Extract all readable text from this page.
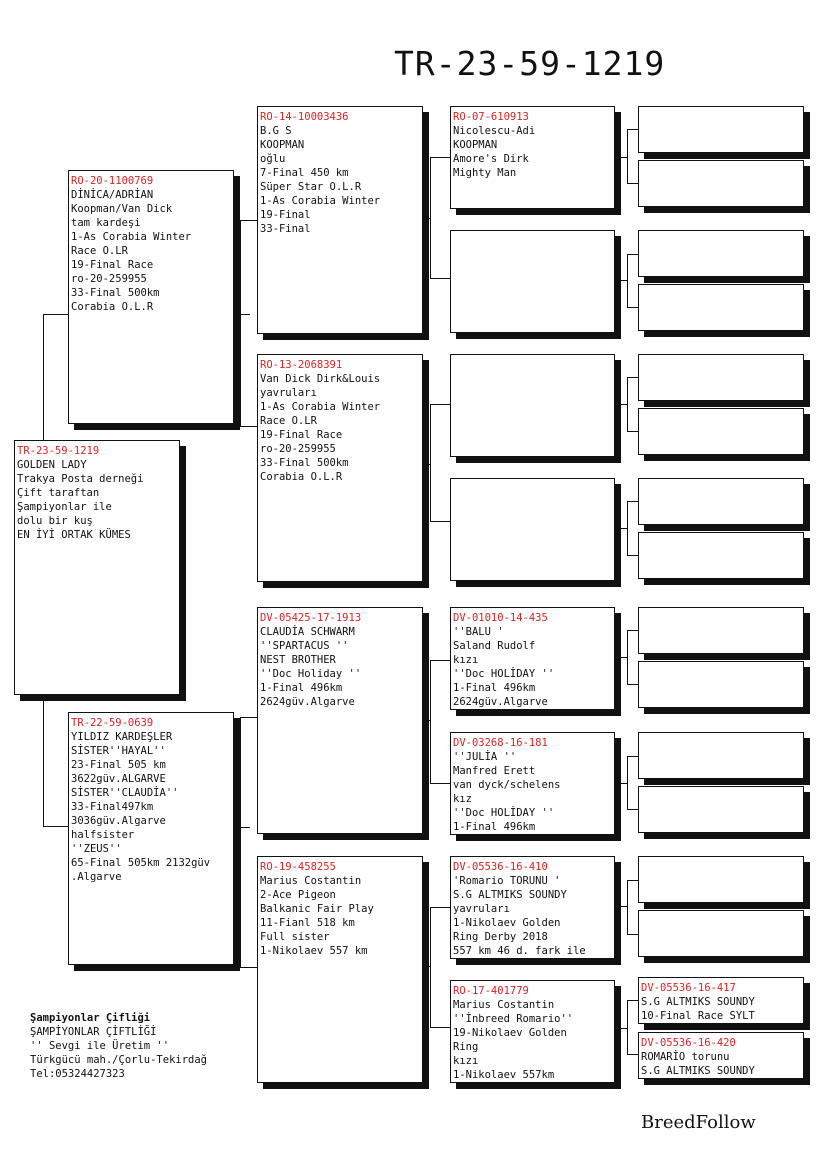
TR-23-59-1219
TR-23-59-1219
GOLDEN LADY
Trakya Posta derneği
Çift taraftan
Şampiyonlar ile
dolu bir kuş
EN İYİ ORTAK KÜMES
RO-20-1100769
DİNİCA/ADRİAN
Koopman/Van Dick
tam kardeşi
1-As Corabia Winter
Race O.LR
19-Final Race
ro-20-259955
33-Final 500km
Corabia O.L.R
TR-22-59-0639
YILDIZ KARDEŞLER
SİSTER''HAYAL''
23-Final 505 km
3622güv.ALGARVE
SİSTER''CLAUDİA''
33-Final497km
3036güv.Algarve
halfsister
''ZEUS''
65-Final 505km 2132güv
.Algarve
RO-14-10003436
B.G S
KOOPMAN
oğlu
7-Final 450 km
Süper Star O.L.R
1-As Corabia Winter
19-Final
33-Final
RO-13-2068391
Van Dick Dirk&Louis
yavruları
1-As Corabia Winter
Race O.LR
19-Final Race
ro-20-259955
33-Final 500km
Corabia O.L.R
DV-05425-17-1913
CLAUDİA SCHWARM
''SPARTACUS ''
NEST BROTHER
''Doc Holiday ''
1-Final 496km
2624güv.Algarve
RO-19-458255
Marius Costantin
2-Ace Pigeon
Balkanic Fair Play
11-Fianl 518 km
Full sister
1-Nikolaev 557 km
RO-07-610913
Nicolescu-Adi
KOOPMAN
Amore's Dirk
Mighty Man
DV-01010-14-435
''BALU '
Saland Rudolf
kızı
''Doc HOLİDAY ''
1-Final 496km
2624güv.Algarve
DV-03268-16-181
''JULİA ''
Manfred Erett
van dyck/schelens
kız
''Doc HOLİDAY ''
1-Final 496km
DV-05536-16-410
'Romario TORUNU '
S.G ALTMIKS SOUNDY
yavruları
1-Nikolaev Golden
Ring Derby 2018
557 km 46 d. fark ile
RO-17-401779
Marius Costantin
''İnbreed Romario''
19-Nikolaev Golden
Ring
kızı
1-Nikolaev 557km
DV-05536-16-417
S.G ALTMIKS SOUNDY
10-Final Race SYLT
DV-05536-16-420
ROMARİO torunu
S.G ALTMIKS SOUNDY
Şampiyonlar Çifliği
ŞAMPİYONLAR ÇİFTLİĞİ
'' Sevgi ile Üretim ''
Türkgücü mah./Çorlu-Tekirdağ
Tel:05324427323
BreedFollow
